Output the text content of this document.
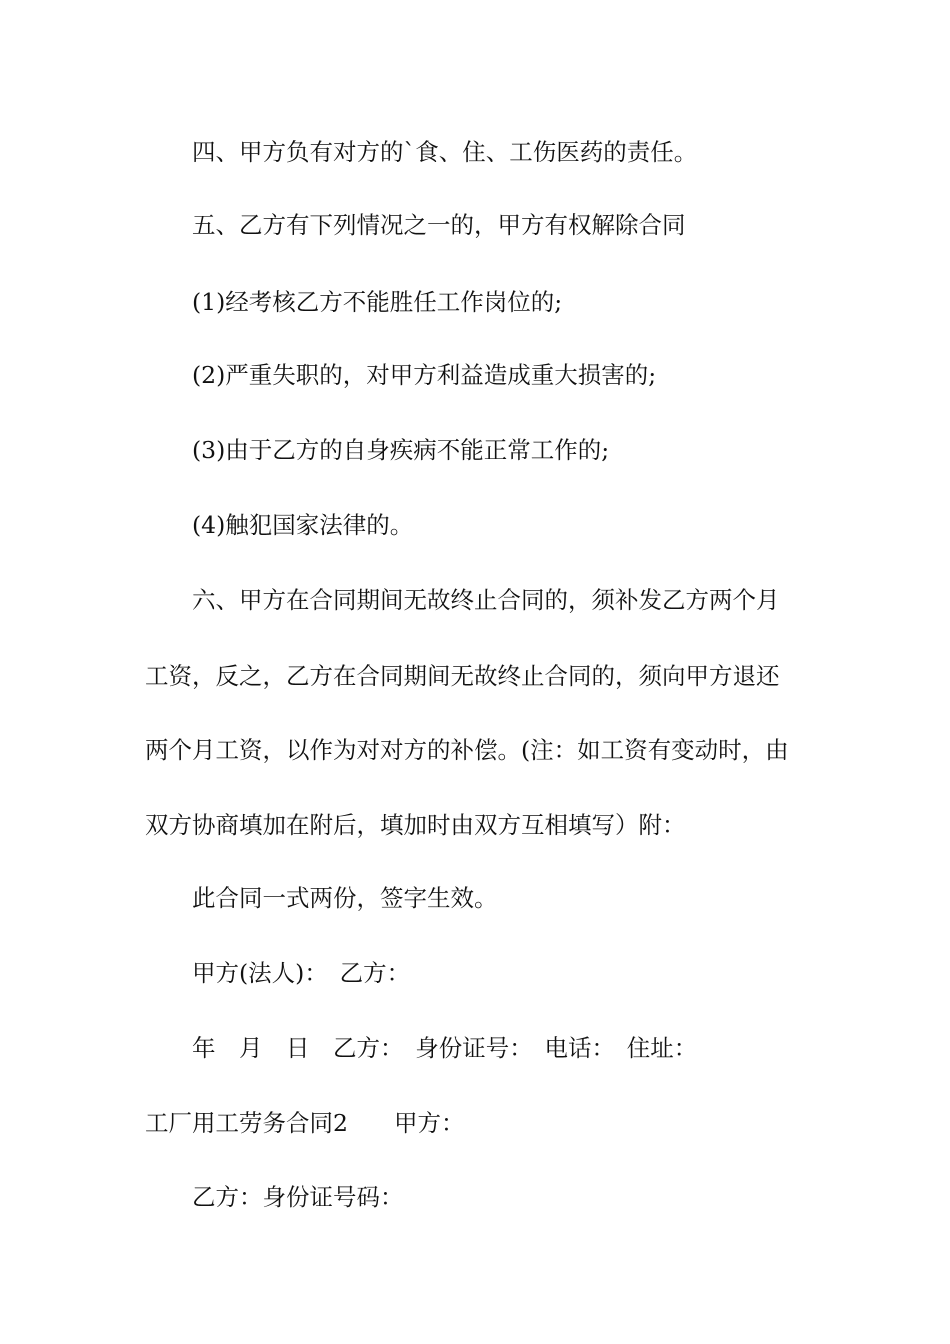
四、甲方负有对方的`食、住、工伤医药的责任。
五、乙方有下列情况之一的，甲方有权解除合同
(1)经考核乙方不能胜任工作岗位的;
(2)严重失职的，对甲方利益造成重大损害的;
(3)由于乙方的自身疾病不能正常工作的;
(4)触犯国家法律的。
六、甲方在合同期间无故终止合同的，须补发乙方两个月
工资，反之，乙方在合同期间无故终止合同的，须向甲方退还
两个月工资，以作为对对方的补偿。(注：如工资有变动时，由
双方协商填加在附后，填加时由双方互相填写）附：
此合同一式两份，签字生效。
甲方(法人)：　乙方：
年　月　日　乙方：　身份证号：　电话：　住址：
工厂用工劳务合同2 甲方：
乙方：身份证号码：
